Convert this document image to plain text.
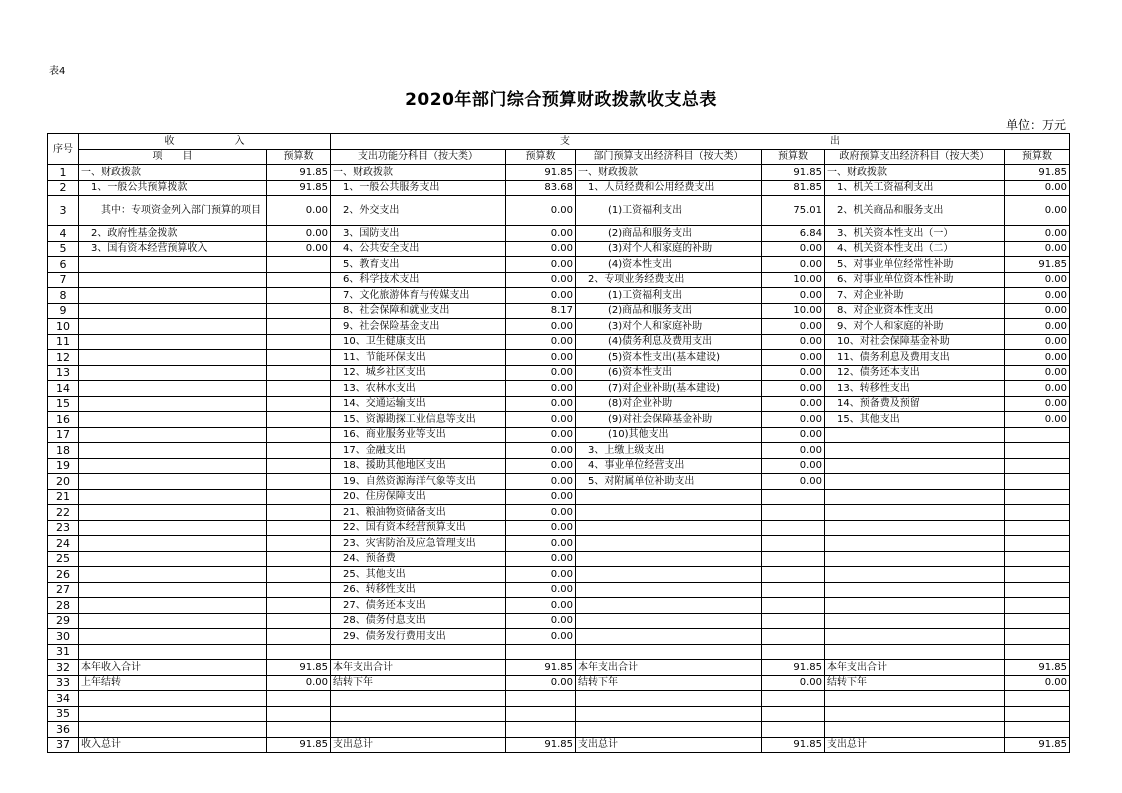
表4
2020年部门综合预算财政拨款收支总表
单位：万元
序号	收　　　　　　入		支　　　　　　　　　　　　　　　　　　　　　　　　　　出					
	项　　目	预算数	支出功能分科目（按大类）	预算数	部门预算支出经济科目（按大类）	预算数	政府预算支出经济科目（按大类）	预算数
1	一、财政拨款	91.85	一、财政拨款	91.85	一、财政拨款	91.85	一、财政拨款	91.85
2	　1、一般公共预算拨款	91.85	　1、一般公共服务支出	83.68	　1、人员经费和公用经费支出	81.85	　1、机关工资福利支出	0.00
3	　　其中：专项资金列入部门预算的项目	0.00	　2、外交支出	0.00	　　　(1)工资福利支出	75.01	　2、机关商品和服务支出	0.00
4	　2、政府性基金拨款	0.00	　3、国防支出	0.00	　　　(2)商品和服务支出	6.84	　3、机关资本性支出（一）	0.00
5	　3、国有资本经营预算收入	0.00	　4、公共安全支出	0.00	　　　(3)对个人和家庭的补助	0.00	　4、机关资本性支出（二）	0.00
6			　5、教育支出	0.00	　　　(4)资本性支出	0.00	　5、对事业单位经常性补助	91.85
7			　6、科学技术支出	0.00	　2、专项业务经费支出	10.00	　6、对事业单位资本性补助	0.00
8			　7、文化旅游体育与传媒支出	0.00	　　　(1)工资福利支出	0.00	　7、对企业补助	0.00
9			　8、社会保障和就业支出	8.17	　　　(2)商品和服务支出	10.00	　8、对企业资本性支出	0.00
10			　9、社会保险基金支出	0.00	　　　(3)对个人和家庭补助	0.00	　9、对个人和家庭的补助	0.00
11			　10、卫生健康支出	0.00	　　　(4)债务利息及费用支出	0.00	　10、对社会保障基金补助	0.00
12			　11、节能环保支出	0.00	　　　(5)资本性支出(基本建设)	0.00	　11、债务利息及费用支出	0.00
13			　12、城乡社区支出	0.00	　　　(6)资本性支出	0.00	　12、债务还本支出	0.00
14			　13、农林水支出	0.00	　　　(7)对企业补助(基本建设)	0.00	　13、转移性支出	0.00
15			　14、交通运输支出	0.00	　　　(8)对企业补助	0.00	　14、预备费及预留	0.00
16			　15、资源勘探工业信息等支出	0.00	　　　(9)对社会保障基金补助	0.00	　15、其他支出	0.00
17			　16、商业服务业等支出	0.00	　　　(10)其他支出	0.00		
18			　17、金融支出	0.00	　3、上缴上级支出	0.00		
19			　18、援助其他地区支出	0.00	　4、事业单位经营支出	0.00		
20			　19、自然资源海洋气象等支出	0.00	　5、对附属单位补助支出	0.00		
21			　20、住房保障支出	0.00				
22			　21、粮油物资储备支出	0.00				
23			　22、国有资本经营预算支出	0.00				
24			　23、灾害防治及应急管理支出	0.00				
25			　24、预备费	0.00				
26			　25、其他支出	0.00				
27			　26、转移性支出	0.00				
28			　27、债务还本支出	0.00				
29			　28、债务付息支出	0.00				
30			　29、债务发行费用支出	0.00				
31								
32	本年收入合计	91.85	本年支出合计	91.85	本年支出合计	91.85	本年支出合计	91.85
33	上年结转	0.00	结转下年	0.00	结转下年	0.00	结转下年	0.00
34								
35								
36								
37	收入总计	91.85	支出总计	91.85	支出总计	91.85	支出总计	91.85
